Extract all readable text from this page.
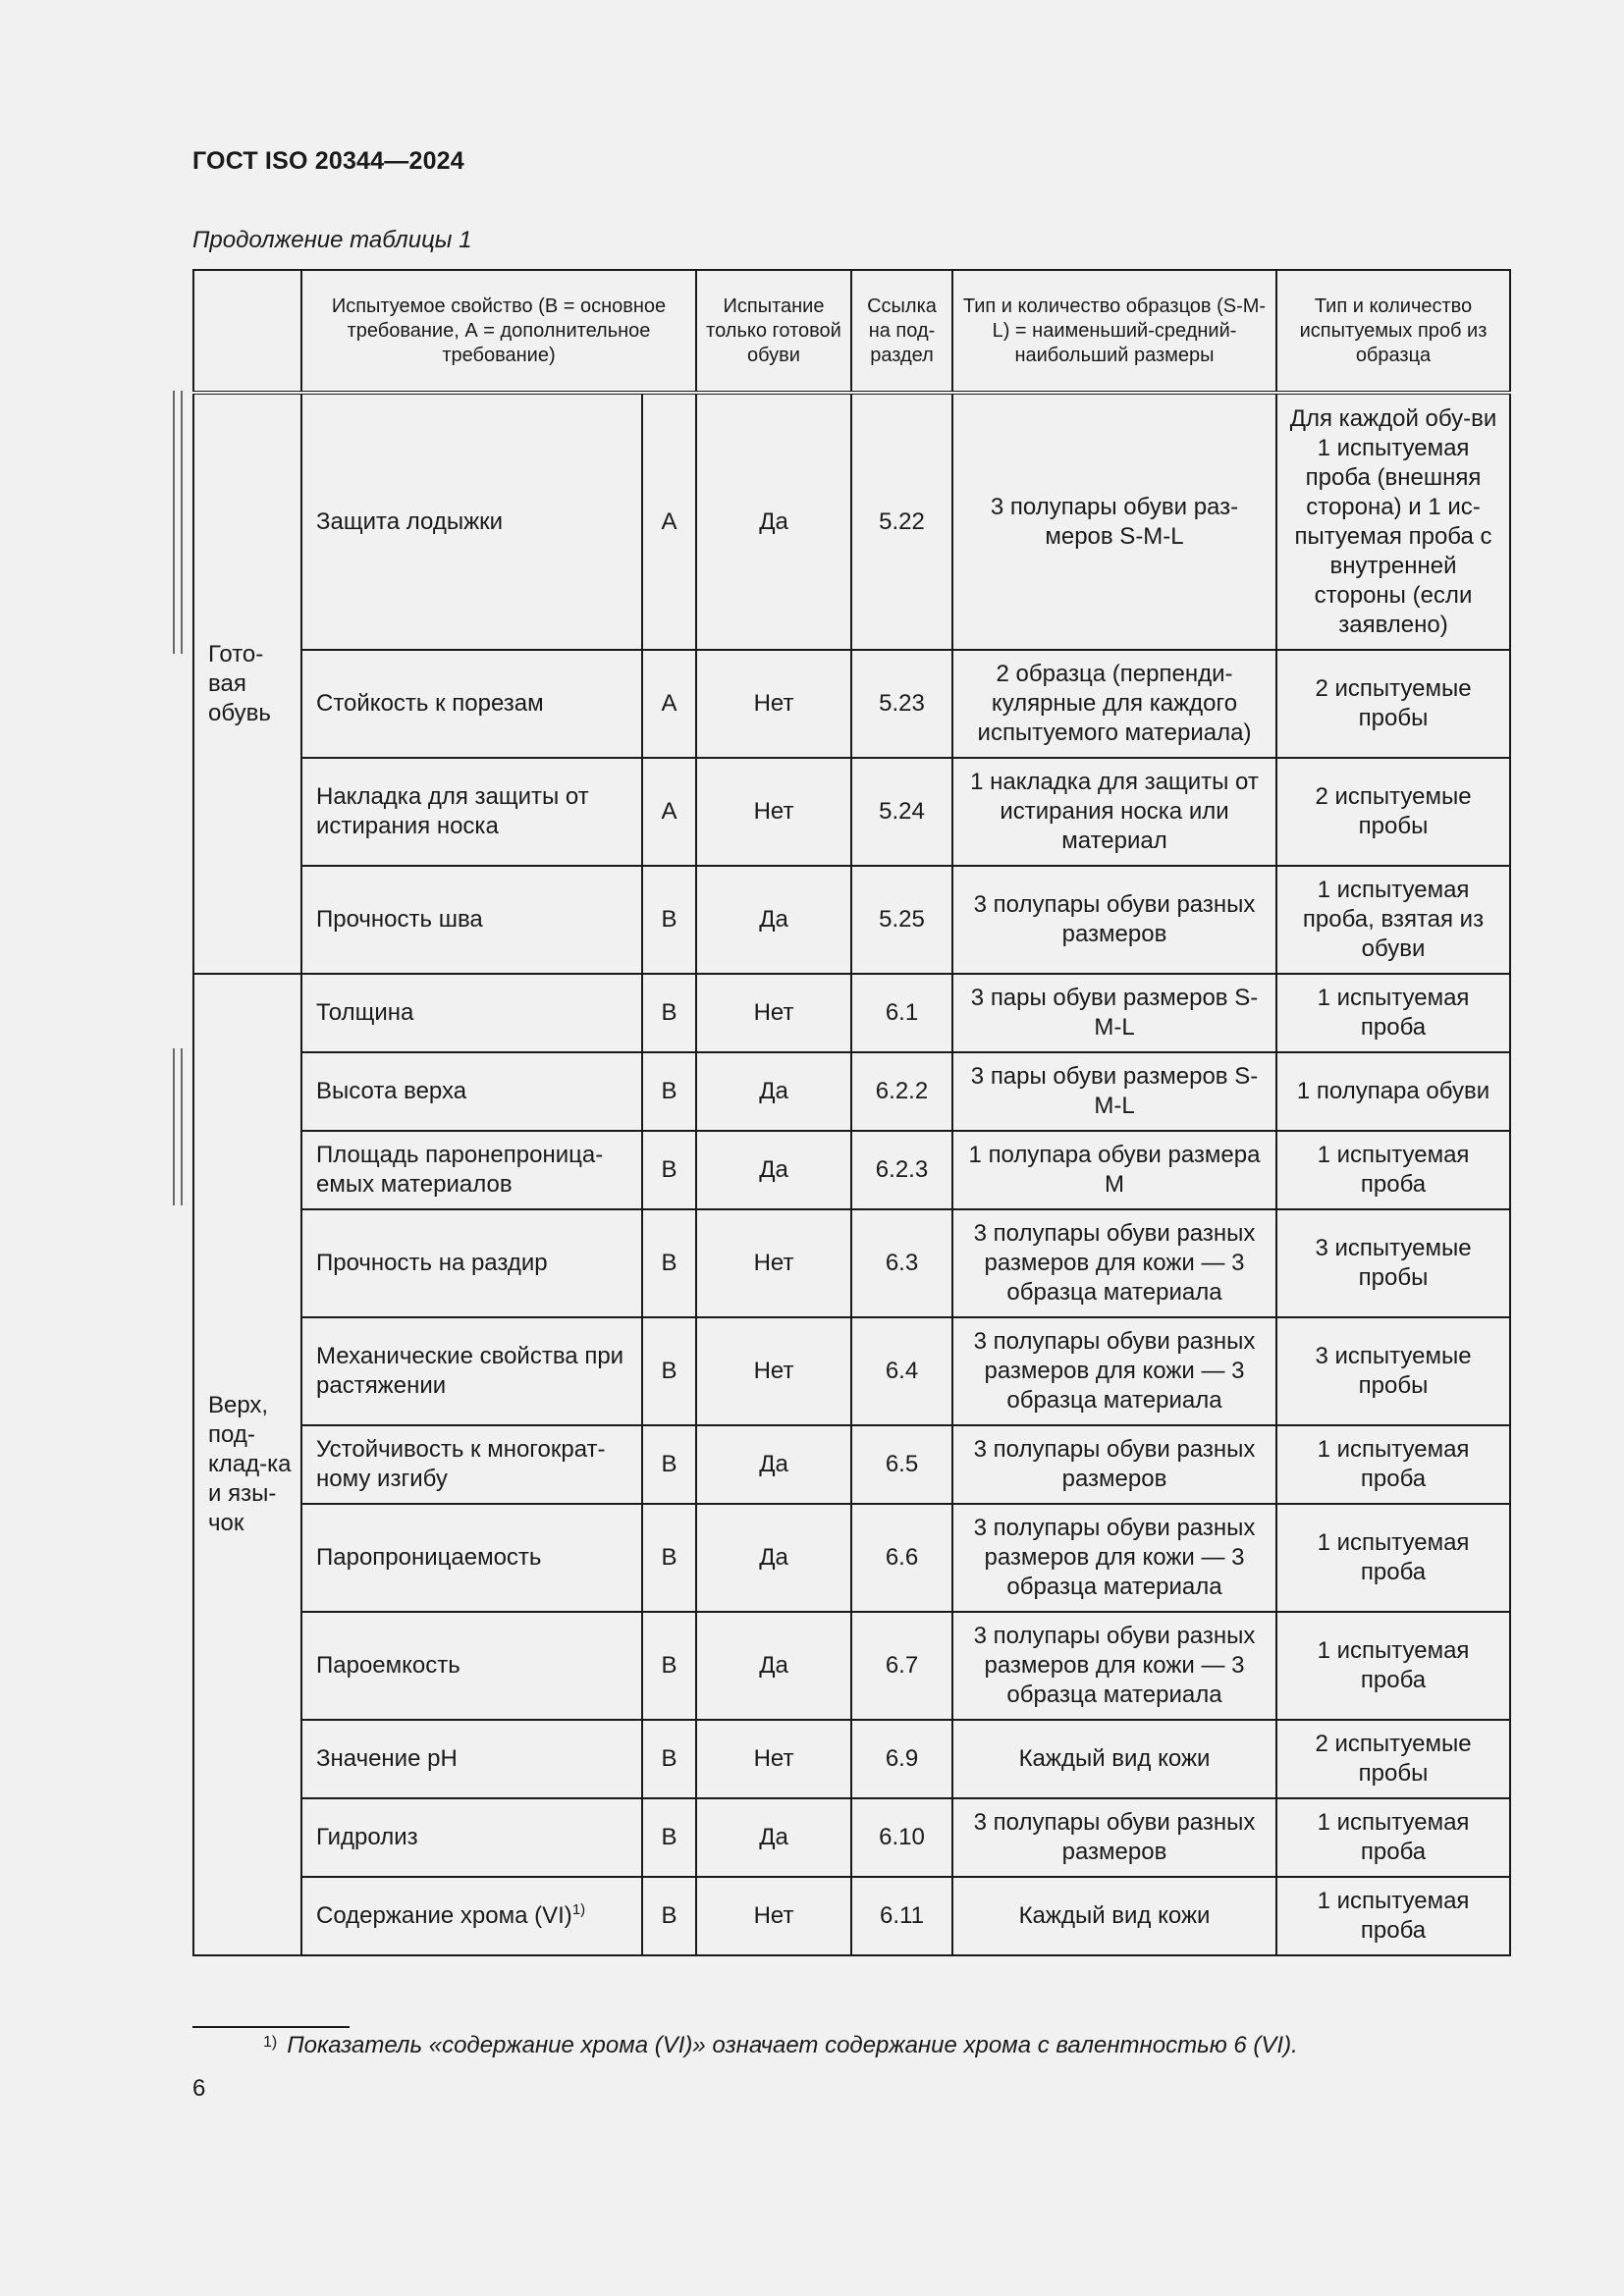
ГОСТ ISO 20344—2024
Продолжение таблицы 1
	Испытуемое свойство (В = основное требование, А = дополнительное требование)		Испытание только готовой обуви	Ссылка на под-раздел	Тип и количество образцов (S-M-L) = наименьший-средний-наибольший размеры	Тип и количество испытуемых проб из образца
Гото-вая обувь	Защита лодыжки	A	Да	5.22	3 полупары обуви раз-меров S-M-L	Для каждой обу-ви 1 испытуемая проба (внешняя сторона) и 1 ис-пытуемая проба с внутренней стороны (если заявлено)
	Стойкость к порезам	A	Нет	5.23	2 образца (перпенди-кулярные для каждого испытуемого материала)	2 испытуемые пробы
	Накладка для защиты от истирания носка	A	Нет	5.24	1 накладка для защиты от истирания носка или материал	2 испытуемые пробы
	Прочность шва	B	Да	5.25	3 полупары обуви разных размеров	1 испытуемая проба, взятая из обуви
Верх, под-клад-ка и язы-чок	Толщина	B	Нет	6.1	3 пары обуви размеров S-M-L	1 испытуемая проба
	Высота верха	B	Да	6.2.2	3 пары обуви размеров S-M-L	1 полупара обуви
	Площадь паронепроница-емых материалов	B	Да	6.2.3	1 полупара обуви размера M	1 испытуемая проба
	Прочность на раздир	B	Нет	6.3	3 полупары обуви разных размеров для кожи — 3 образца материала	3 испытуемые пробы
	Механические свойства при растяжении	B	Нет	6.4	3 полупары обуви разных размеров для кожи — 3 образца материала	3 испытуемые пробы
	Устойчивость к многократ-ному изгибу	B	Да	6.5	3 полупары обуви разных размеров	1 испытуемая проба
	Паропроницаемость	B	Да	6.6	3 полупары обуви разных размеров для кожи — 3 образца материала	1 испытуемая проба
	Пароемкость	B	Да	6.7	3 полупары обуви разных размеров для кожи — 3 образца материала	1 испытуемая проба
	Значение pH	B	Нет	6.9	Каждый вид кожи	2 испытуемые пробы
	Гидролиз	B	Да	6.10	3 полупары обуви разных размеров	1 испытуемая проба
	Содержание хрома (VI)$^{1)}$	B	Нет	6.11	Каждый вид кожи	1 испытуемая проба
$^{1)}$ Показатель «содержание хрома (VI)» означает содержание хрома с валентностью 6 (VI).
6
